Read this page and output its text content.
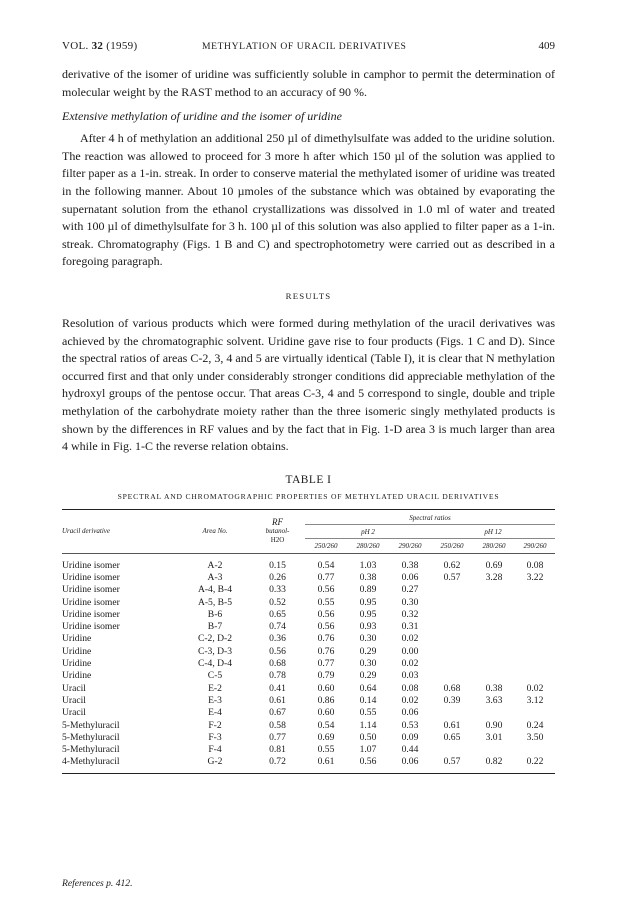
VOL. 32 (1959)	METHYLATION OF URACIL DERIVATIVES	409

derivative of the isomer of uridine was sufficiently soluble in camphor to permit the determination of molecular weight by the RAST method to an accuracy of 90 %.

Extensive methylation of uridine and the isomer of uridine

After 4 h of methylation an additional 250 µl of dimethylsulfate was added to the uridine solution. The reaction was allowed to proceed for 3 more h after which 150 µl of the solution was applied to filter paper as a 1-in. streak. In order to conserve material the methylated isomer of uridine was treated in the following manner. About 10 µmoles of the substance which was obtained by evaporating the supernatant solution from the ethanol crystallizations was dissolved in 1.0 ml of water and treated with 100 µl of dimethylsulfate for 3 h. 100 µl of this solution was also applied to filter paper as a 1-in. streak. Chromatography (Figs. 1 B and C) and spectrophotometry were carried out as described in a foregoing paragraph.

RESULTS

Resolution of various products which were formed during methylation of the uracil derivatives was achieved by the chromatographic solvent. Uridine gave rise to four products (Figs. 1 C and D). Since the spectral ratios of areas C-2, 3, 4 and 5 are virtually identical (Table I), it is clear that N methylation occurred first and that only under considerably stronger conditions did appreciable methylation of the hydroxyl groups of the pentose occur. That areas C-3, 4 and 5 correspond to single, double and triple methylation of the carbohydrate moiety rather than the three isomeric singly methylated products is shown by the differences in RF values and by the fact that in Fig. 1-D area 3 is much larger than area 4 while in Fig. 1-C the reverse relation obtains.

TABLE I
SPECTRAL AND CHROMATOGRAPHIC PROPERTIES OF METHYLATED URACIL DERIVATIVES
Uracil derivative	Area No.	RF
butanol-
H2O	Spectral ratios					
			pH 2			pH 12		
			250/260	280/260	290/260	250/260	280/260	290/260
Uridine isomer	A-2	0.15	0.54	1.03	0.38	0.62	0.69	0.08
Uridine isomer	A-3	0.26	0.77	0.38	0.06	0.57	3.28	3.22
Uridine isomer	A-4, B-4	0.33	0.56	0.89	0.27			
Uridine isomer	A-5, B-5	0.52	0.55	0.95	0.30			
Uridine isomer	B-6	0.65	0.56	0.95	0.32			
Uridine isomer	B-7	0.74	0.56	0.93	0.31			
Uridine	C-2, D-2	0.36	0.76	0.30	0.02			
Uridine	C-3, D-3	0.56	0.76	0.29	0.00			
Uridine	C-4, D-4	0.68	0.77	0.30	0.02			
Uridine	C-5	0.78	0.79	0.29	0.03			
Uracil	E-2	0.41	0.60	0.64	0.08	0.68	0.38	0.02
Uracil	E-3	0.61	0.86	0.14	0.02	0.39	3.63	3.12
Uracil	E-4	0.67	0.60	0.55	0.06			
5-Methyluracil	F-2	0.58	0.54	1.14	0.53	0.61	0.90	0.24
5-Methyluracil	F-3	0.77	0.69	0.50	0.09	0.65	3.01	3.50
5-Methyluracil	F-4	0.81	0.55	1.07	0.44			
4-Methyluracil	G-2	0.72	0.61	0.56	0.06	0.57	0.82	0.22
References p. 412.
